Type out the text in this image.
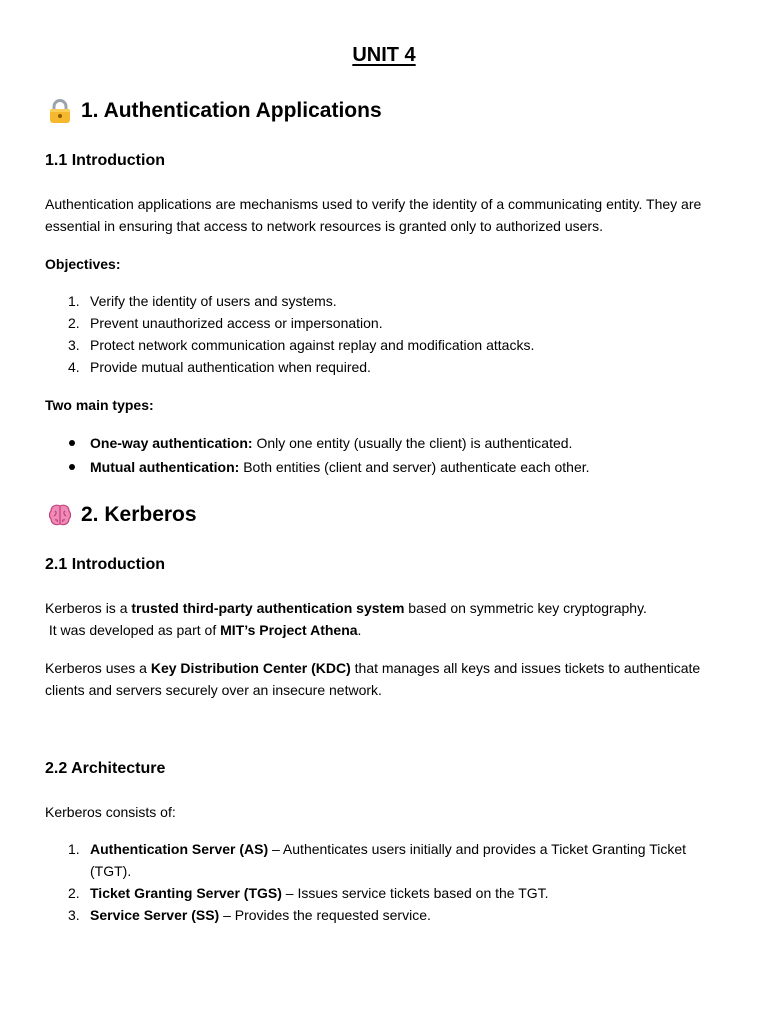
UNIT 4
1. Authentication Applications
1.1 Introduction
Authentication applications are mechanisms used to verify the identity of a communicating entity. They are essential in ensuring that access to network resources is granted only to authorized users.
Objectives:
1. Verify the identity of users and systems.
2. Prevent unauthorized access or impersonation.
3. Protect network communication against replay and modification attacks.
4. Provide mutual authentication when required.
Two main types:
One-way authentication: Only one entity (usually the client) is authenticated.
Mutual authentication: Both entities (client and server) authenticate each other.
2. Kerberos
2.1 Introduction
Kerberos is a trusted third-party authentication system based on symmetric key cryptography.
It was developed as part of MIT’s Project Athena.
Kerberos uses a Key Distribution Center (KDC) that manages all keys and issues tickets to authenticate clients and servers securely over an insecure network.
2.2 Architecture
Kerberos consists of:
1. Authentication Server (AS) – Authenticates users initially and provides a Ticket Granting Ticket (TGT).
2. Ticket Granting Server (TGS) – Issues service tickets based on the TGT.
3. Service Server (SS) – Provides the requested service.
